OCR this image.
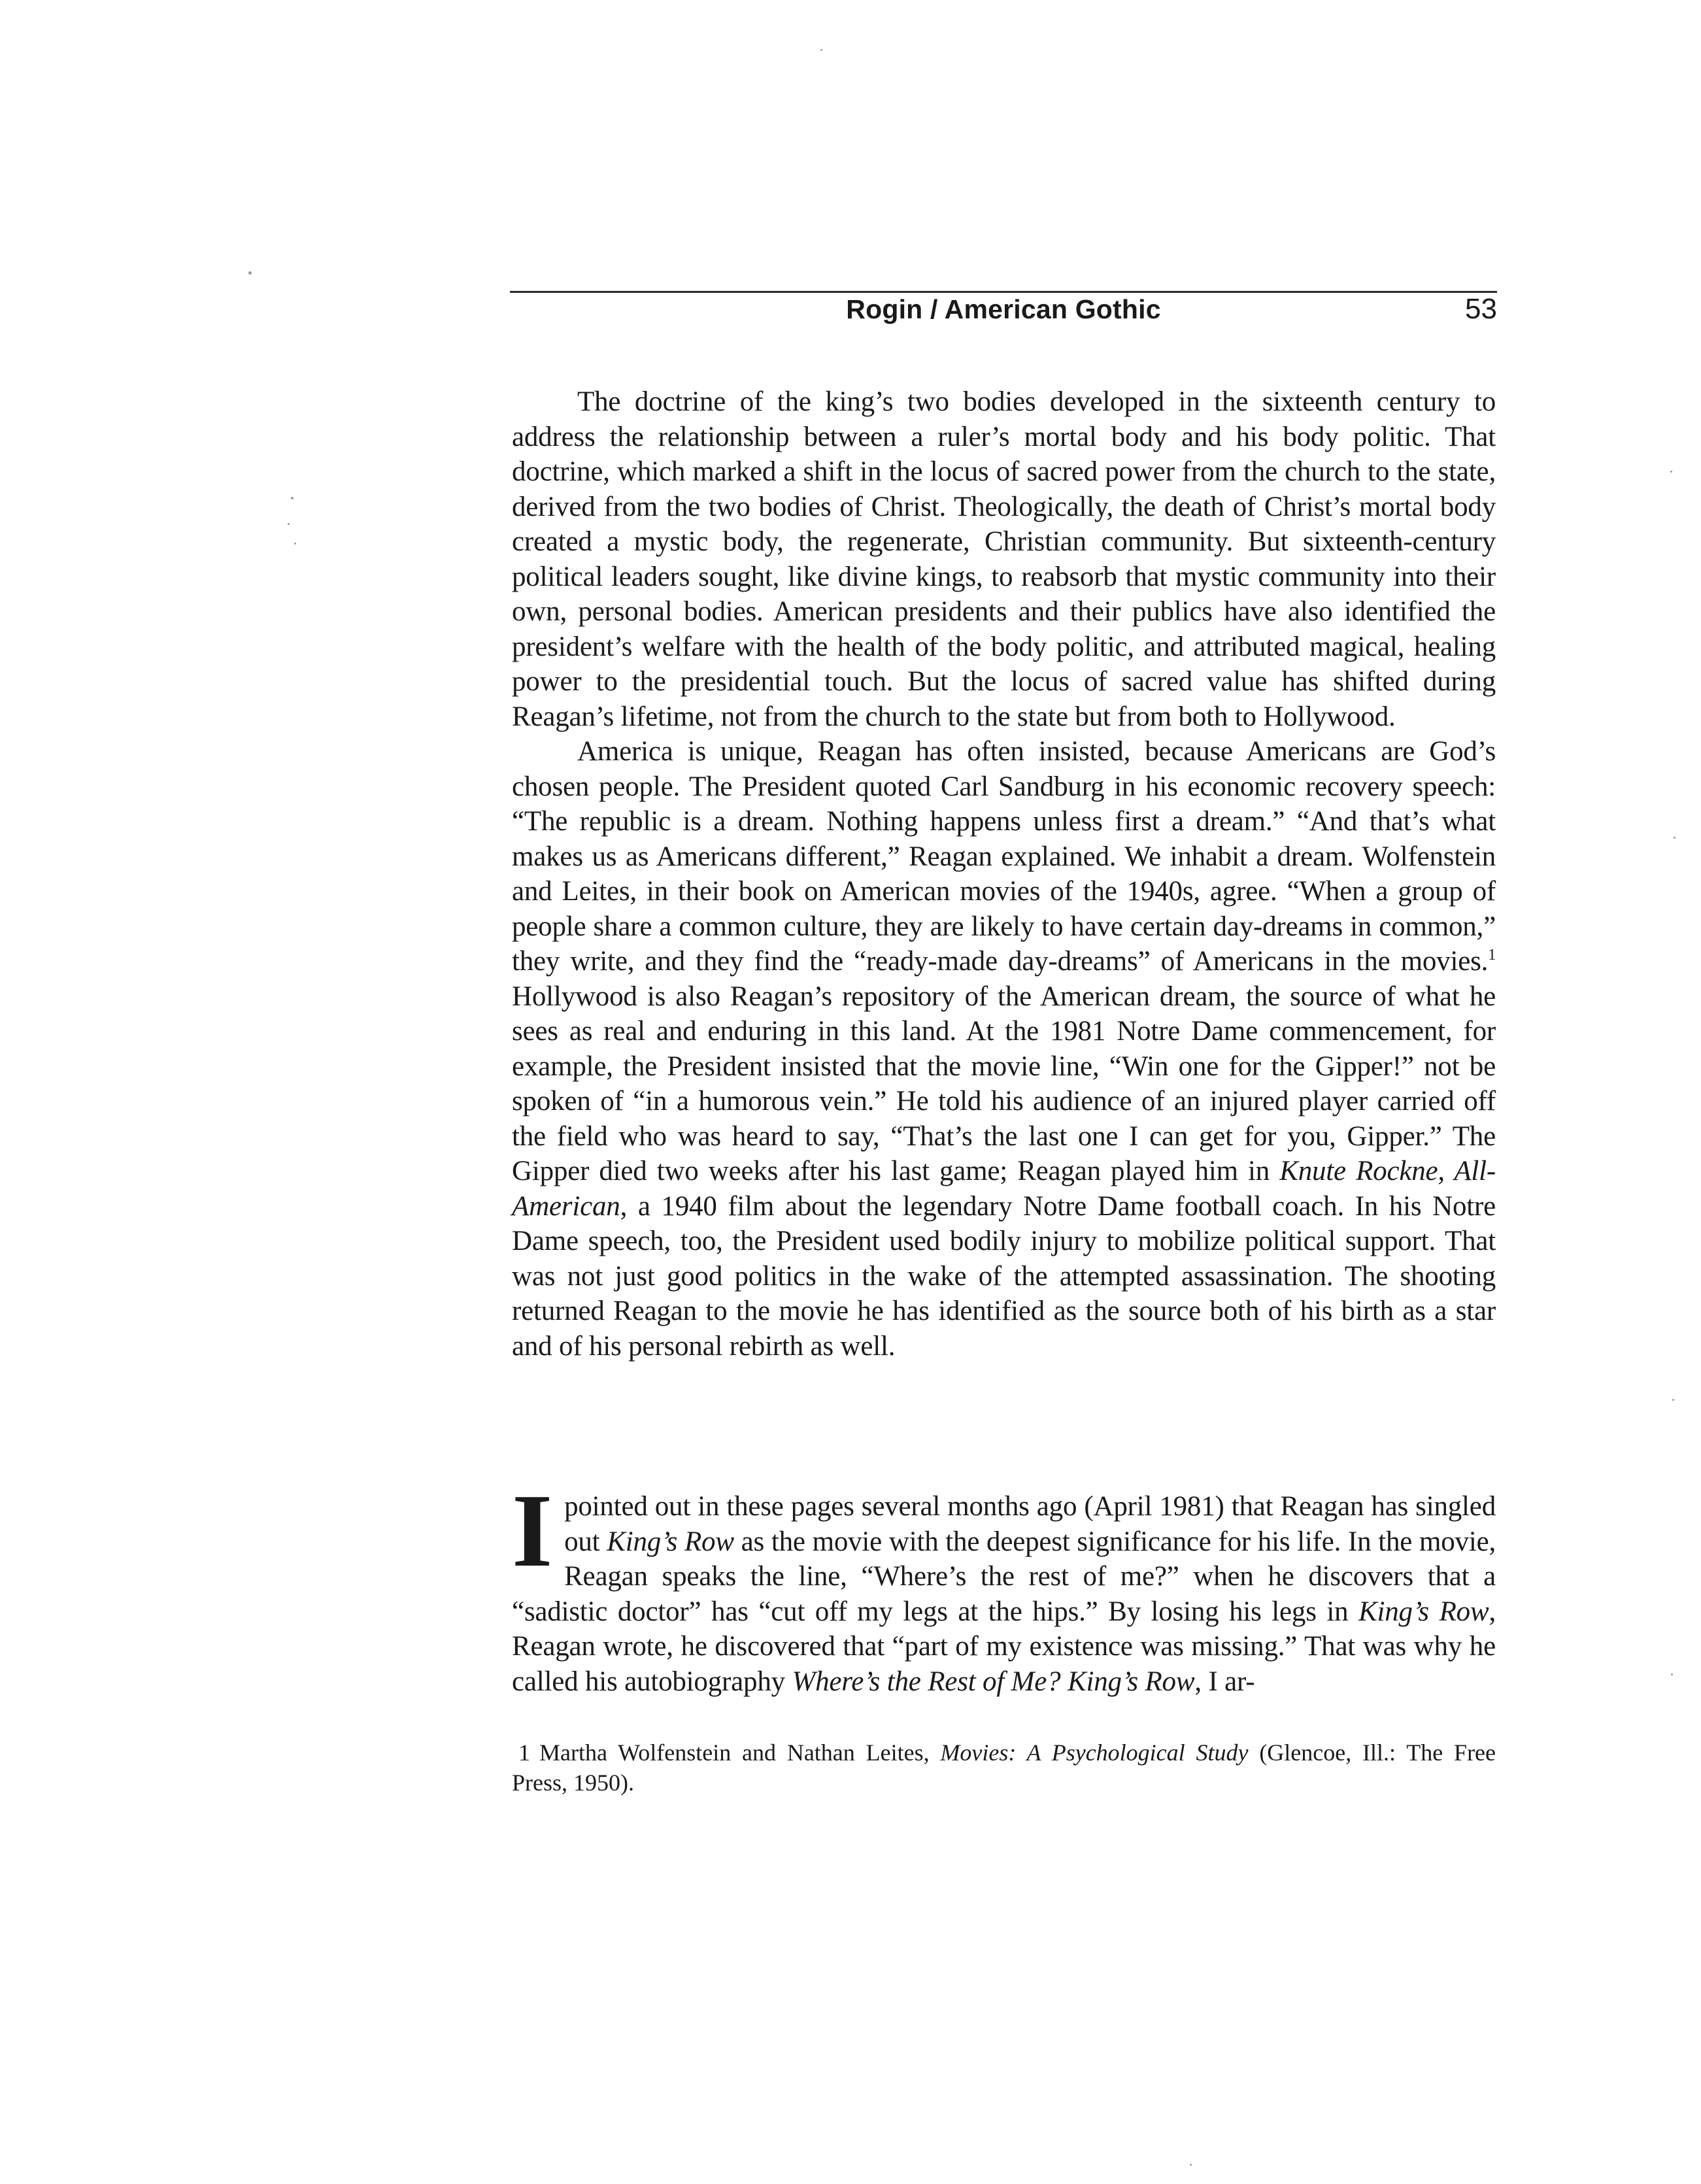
Rogin / American Gothic	53

The doctrine of the king’s two bodies developed in the sixteenth century to address the relationship between a ruler’s mortal body and his body politic. That doctrine, which marked a shift in the locus of sacred power from the church to the state, derived from the two bodies of Christ. Theologically, the death of Christ’s mortal body created a mystic body, the regenerate, Christian community. But sixteenth-century political leaders sought, like divine kings, to reabsorb that mystic community into their own, personal bodies. American presidents and their publics have also identified the president’s welfare with the health of the body politic, and attributed magical, healing power to the presidential touch. But the locus of sacred value has shifted during Reagan’s lifetime, not from the church to the state but from both to Hollywood.

America is unique, Reagan has often insisted, because Americans are God’s chosen people. The President quoted Carl Sandburg in his economic recovery speech: “The republic is a dream. Nothing happens unless first a dream.” “And that’s what makes us as Americans different,” Reagan explained. We inhabit a dream. Wolfenstein and Leites, in their book on American movies of the 1940s, agree. “When a group of people share a common culture, they are likely to have certain day-dreams in common,” they write, and they find the “ready-made day-dreams” of Americans in the movies.$^1$ Hollywood is also Reagan’s repository of the American dream, the source of what he sees as real and enduring in this land. At the 1981 Notre Dame commencement, for example, the President insisted that the movie line, “Win one for the Gipper!” not be spoken of “in a humorous vein.” He told his audience of an injured player carried off the field who was heard to say, “That’s the last one I can get for you, Gipper.” The Gipper died two weeks after his last game; Reagan played him in Knute Rockne, All-American, a 1940 film about the legendary Notre Dame football coach. In his Notre Dame speech, too, the President used bodily injury to mobilize political support. That was not just good politics in the wake of the attempted assassination. The shooting returned Reagan to the movie he has identified as the source both of his birth as a star and of his personal rebirth as well.

I pointed out in these pages several months ago (April 1981) that Reagan has singled out King’s Row as the movie with the deepest significance for his life. In the movie, Reagan speaks the line, “Where’s the rest of me?” when he discovers that a “sadistic doctor” has “cut off my legs at the hips.” By losing his legs in King’s Row, Reagan wrote, he discovered that “part of my existence was missing.” That was why he called his autobiography Where’s the Rest of Me? King’s Row, I ar-

1 Martha Wolfenstein and Nathan Leites, Movies: A Psychological Study (Glencoe, Ill.: The Free Press, 1950).
